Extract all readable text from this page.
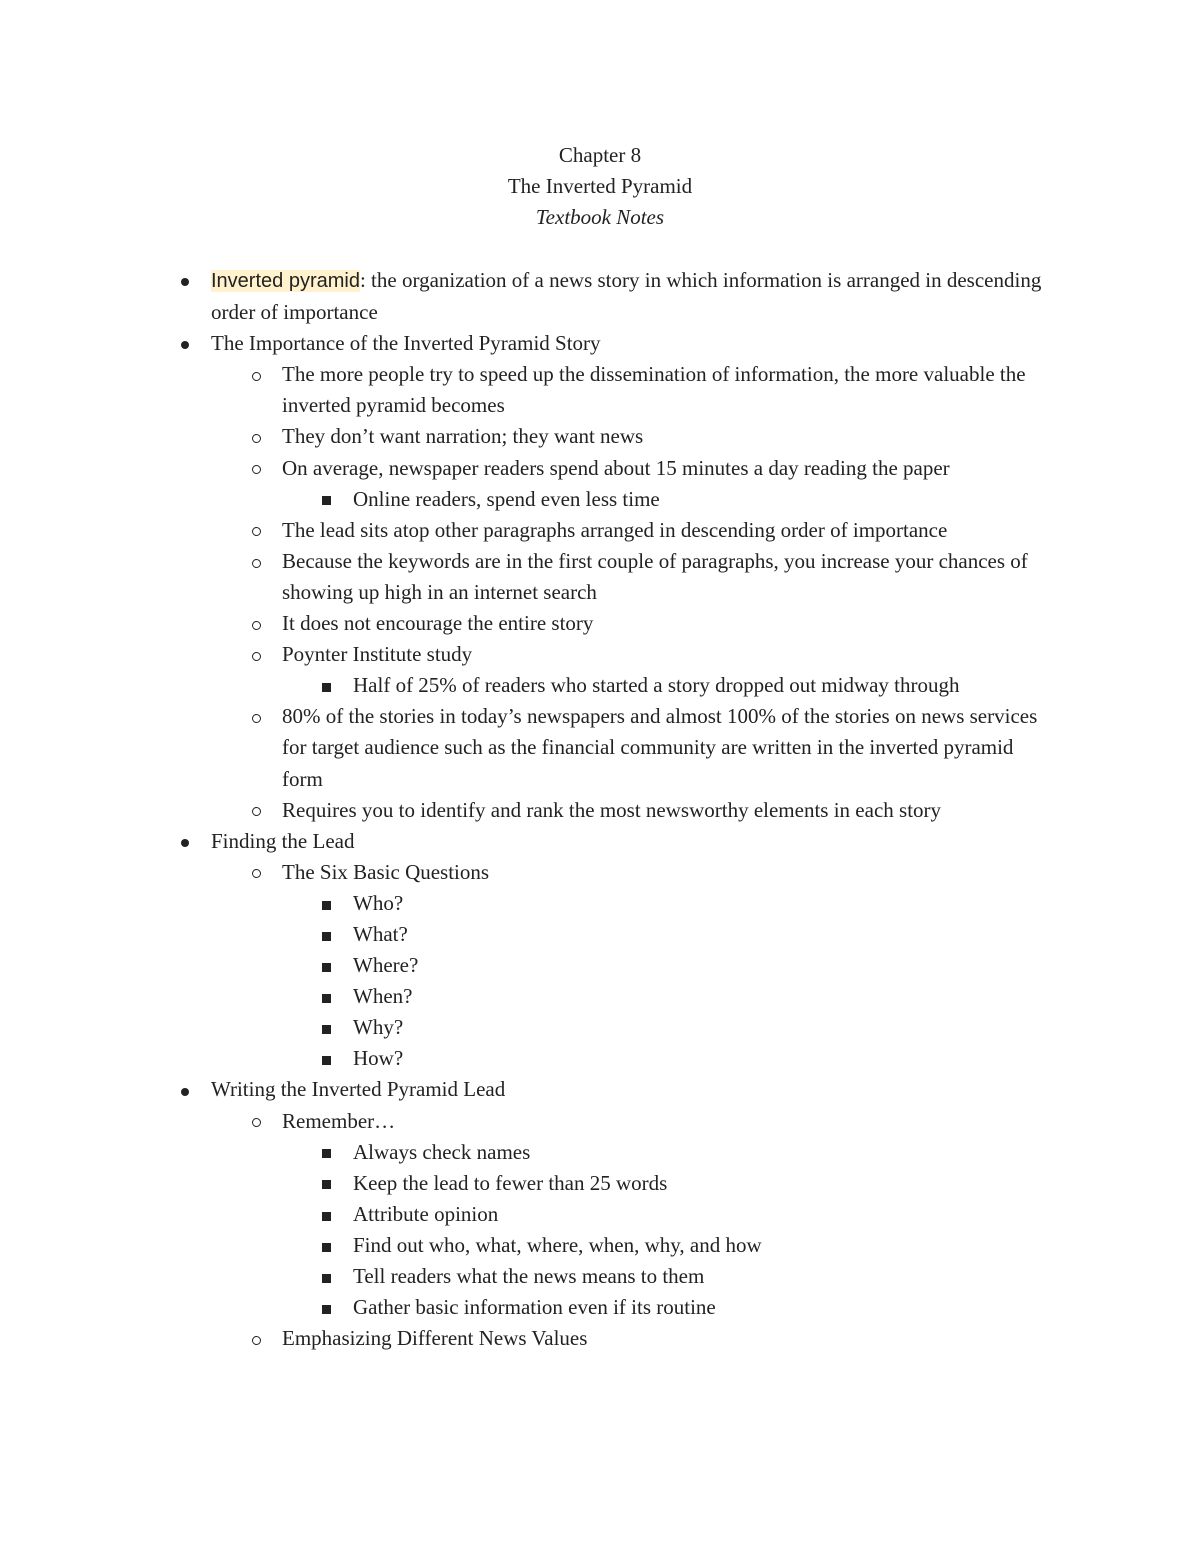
Chapter 8
The Inverted Pyramid
Textbook Notes
Inverted pyramid: the organization of a news story in which information is arranged in descending order of importance
The Importance of the Inverted Pyramid Story
The more people try to speed up the dissemination of information, the more valuable the inverted pyramid becomes
They don’t want narration; they want news
On average, newspaper readers spend about 15 minutes a day reading the paper
Online readers, spend even less time
The lead sits atop other paragraphs arranged in descending order of importance
Because the keywords are in the first couple of paragraphs, you increase your chances of showing up high in an internet search
It does not encourage the entire story
Poynter Institute study
Half of 25% of readers who started a story dropped out midway through
80% of the stories in today’s newspapers and almost 100% of the stories on news services for target audience such as the financial community are written in the inverted pyramid form
Requires you to identify and rank the most newsworthy elements in each story
Finding the Lead
The Six Basic Questions
Who?
What?
Where?
When?
Why?
How?
Writing the Inverted Pyramid Lead
Remember…
Always check names
Keep the lead to fewer than 25 words
Attribute opinion
Find out who, what, where, when, why, and how
Tell readers what the news means to them
Gather basic information even if its routine
Emphasizing Different News Values
